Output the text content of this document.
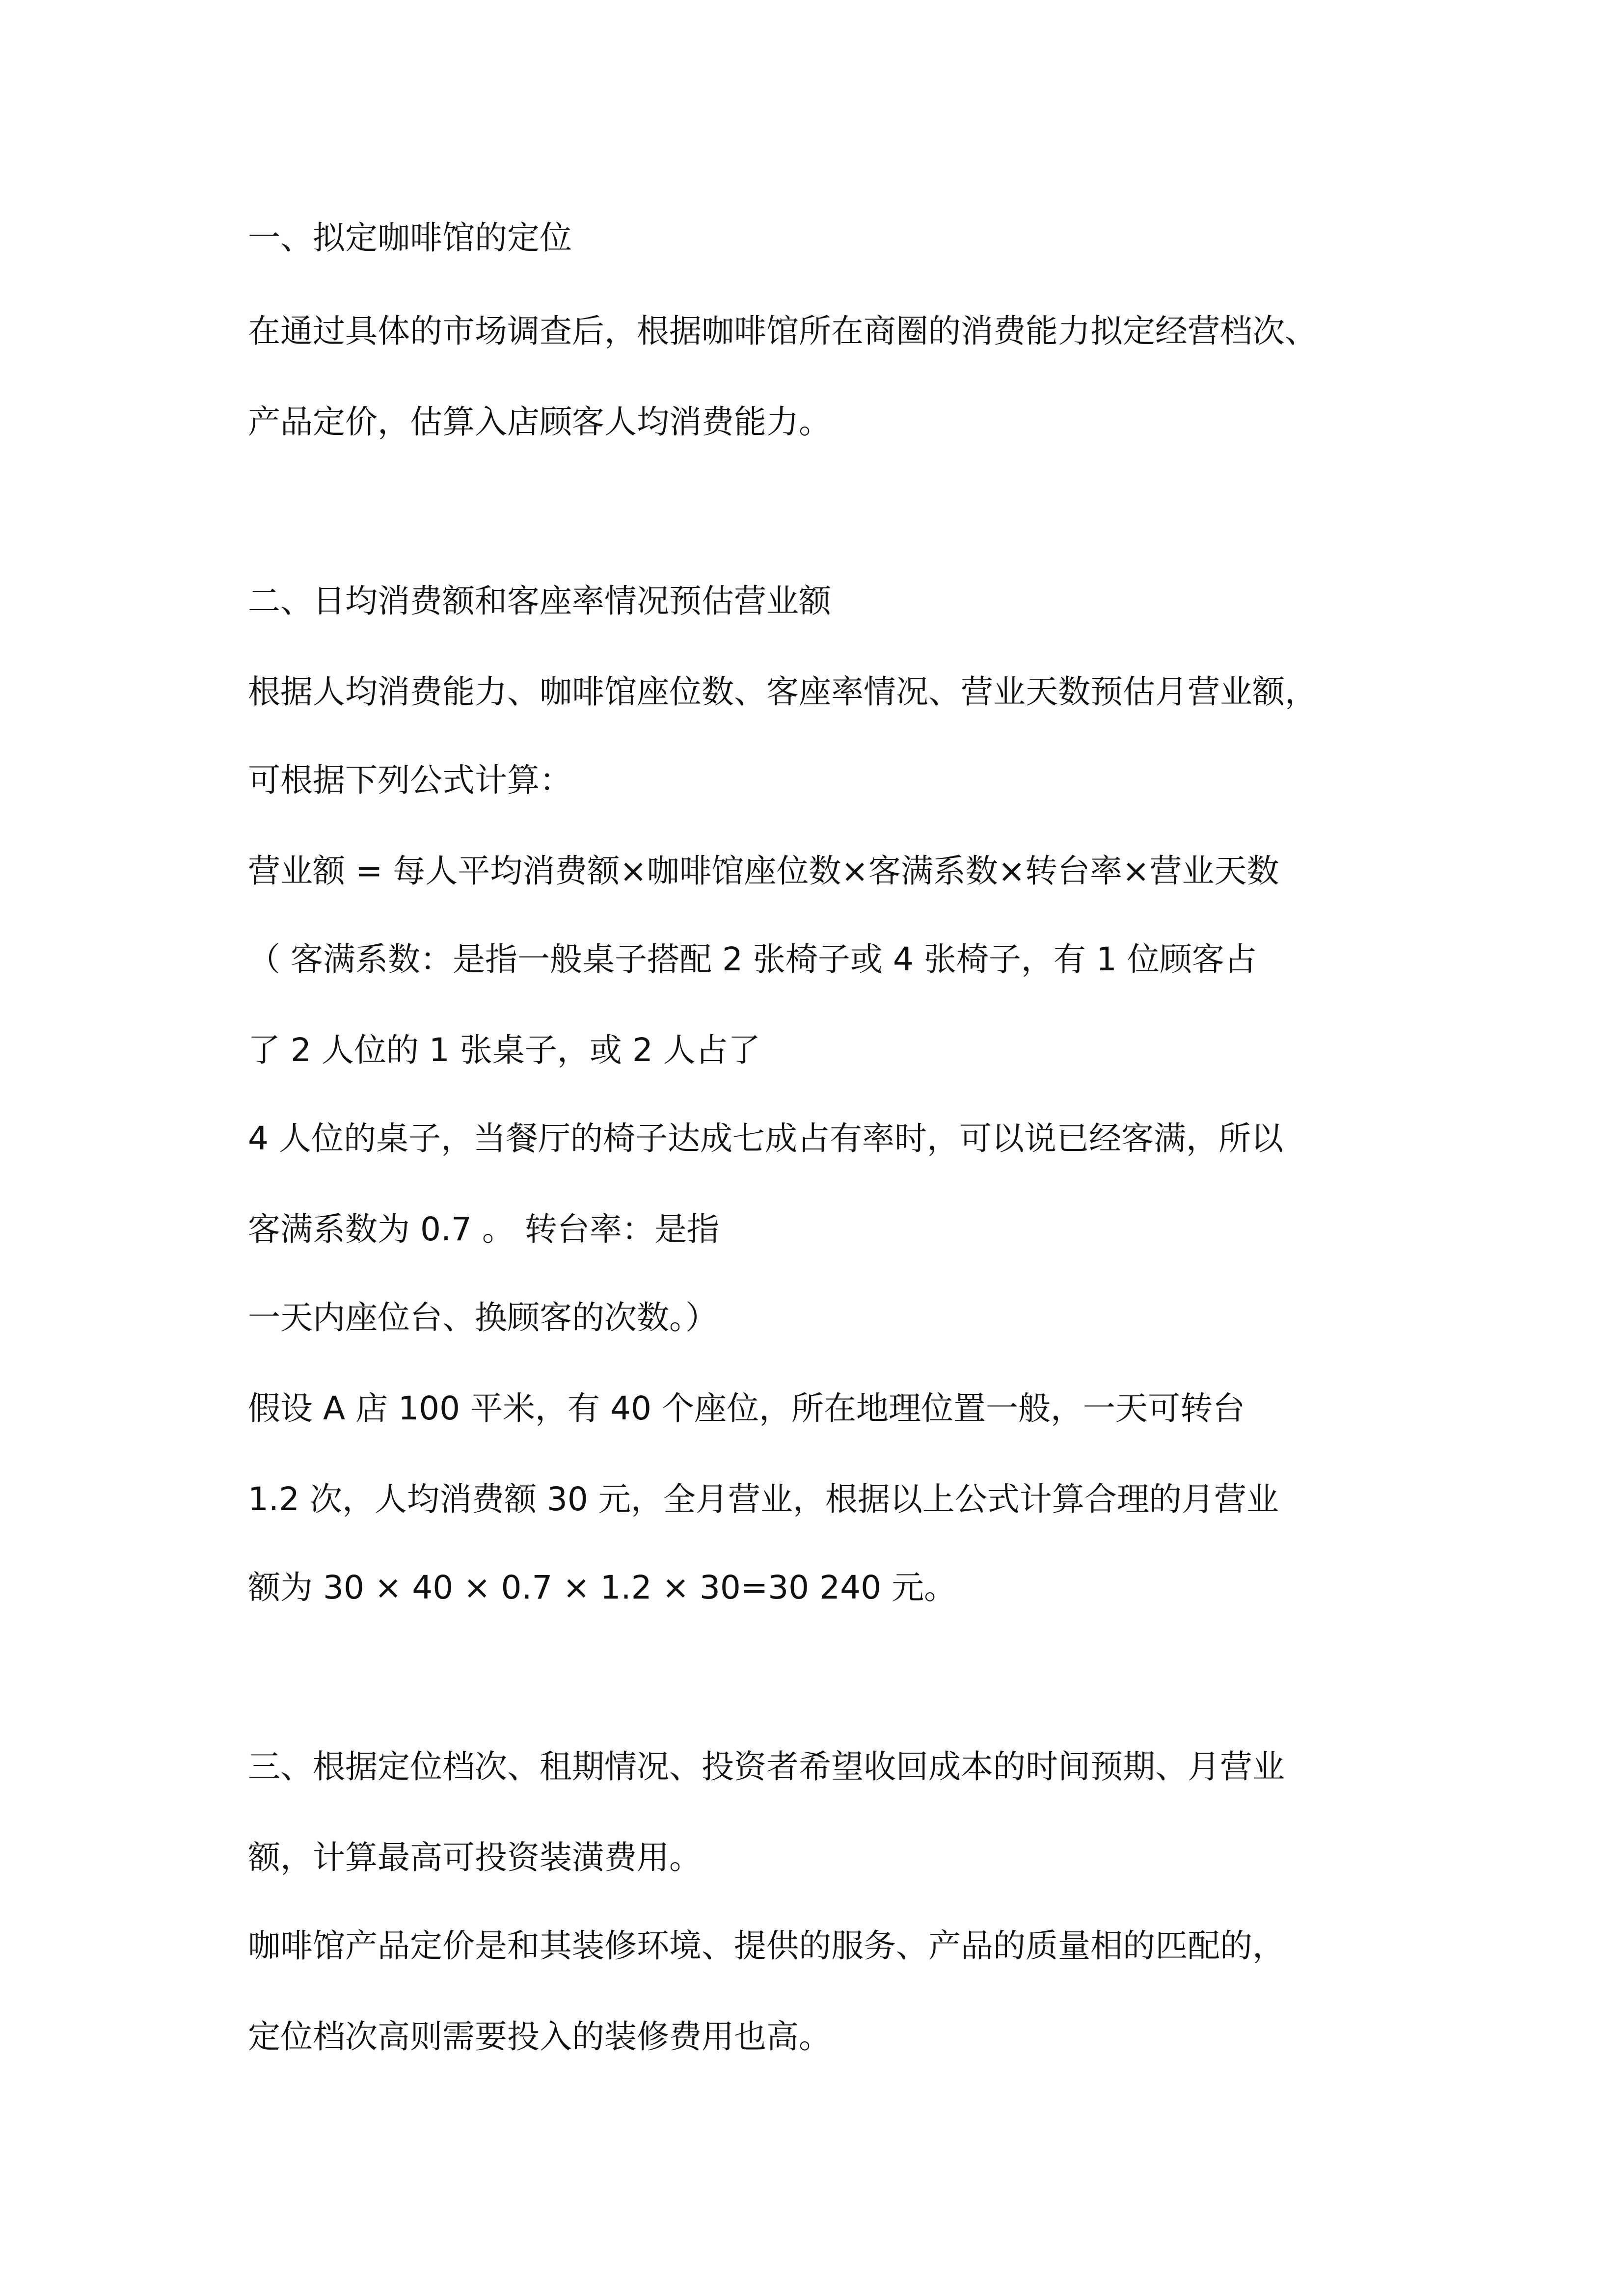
一、拟定咖啡馆的定位
在通过具体的市场调查后，根据咖啡馆所在商圈的消费能力拟定经营档次、
产品定价，估算入店顾客人均消费能力。
二、日均消费额和客座率情况预估营业额
根据人均消费能力、咖啡馆座位数、客座率情况、营业天数预估月营业额，
可根据下列公式计算：
营业额 = 每人平均消费额×咖啡馆座位数×客满系数×转台率×营业天数
（ 客满系数：是指一般桌子搭配 2 张椅子或 4 张椅子，有 1 位顾客占
了 2 人位的 1 张桌子，或 2 人占了
4 人位的桌子，当餐厅的椅子达成七成占有率时，可以说已经客满，所以
客满系数为 0.7 。 转台率：是指
一天内座位台、换顾客的次数。）
假设 A 店 100 平米，有 40 个座位，所在地理位置一般，一天可转台
1.2 次，人均消费额 30 元，全月营业，根据以上公式计算合理的月营业
额为 30 × 40 × 0.7 × 1.2 × 30=30 240 元。
三、根据定位档次、租期情况、投资者希望收回成本的时间预期、月营业
额，计算最高可投资装潢费用。
咖啡馆产品定价是和其装修环境、提供的服务、产品的质量相的匹配的，
定位档次高则需要投入的装修费用也高。
